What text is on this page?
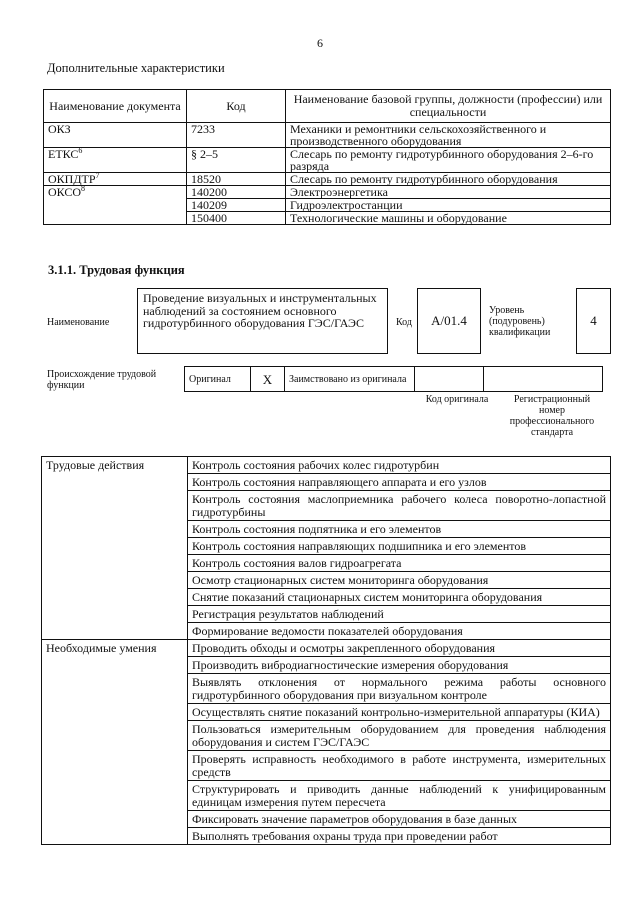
6
Дополнительные характеристики
Наименование документа	Код	Наименование базовой группы, должности (профессии) или специальности
ОКЗ	7233	Механики и ремонтники сельскохозяйственного и производственного оборудования
ЕТКС$^6$	§ 2–5	Слесарь по ремонту гидротурбинного оборудования 2–6-го разряда
ОКПДТР$^7$	18520	Слесарь по ремонту гидротурбинного оборудования
ОКСО$^8$	140200	Электроэнергетика
	140209	Гидроэлектростанции
	150400	Технологические машины и оборудование
3.1.1. Трудовая функция
Наименование
Проведение визуальных и инструментальных наблюдений за состоянием основного гидротурбинного оборудования ГЭС/ГАЭС	Код	А/01.4
Уровень (подуровень) квалификации
4
Происхождение трудовой функции
Оригинал	X	Заимствовано из оригинала		
Код оригинала	Регистрационный номер профессионального стандарта
Трудовые действия	Контроль состояния рабочих колес гидротурбин
	Контроль состояния направляющего аппарата и его узлов
	Контроль состояния маслоприемника рабочего колеса поворотно-лопастной гидротурбины
	Контроль состояния подпятника и его элементов
	Контроль состояния направляющих подшипника и его элементов
	Контроль состояния валов гидроагрегата
	Осмотр стационарных систем мониторинга оборудования
	Снятие показаний стационарных систем мониторинга оборудования
	Регистрация результатов наблюдений
	Формирование ведомости показателей оборудования
Необходимые умения	Проводить обходы и осмотры закрепленного оборудования
	Производить вибродиагностические измерения оборудования
	Выявлять отклонения от нормального режима работы основного гидротурбинного оборудования при визуальном контроле
	Осуществлять снятие показаний контрольно-измерительной аппаратуры (КИА)
	Пользоваться измерительным оборудованием для проведения наблюдения оборудования и систем ГЭС/ГАЭС
	Проверять исправность необходимого в работе инструмента, измерительных средств
	Структурировать и приводить данные наблюдений к унифицированным единицам измерения путем пересчета
	Фиксировать значение параметров оборудования в базе данных
	Выполнять требования охраны труда при проведении работ
